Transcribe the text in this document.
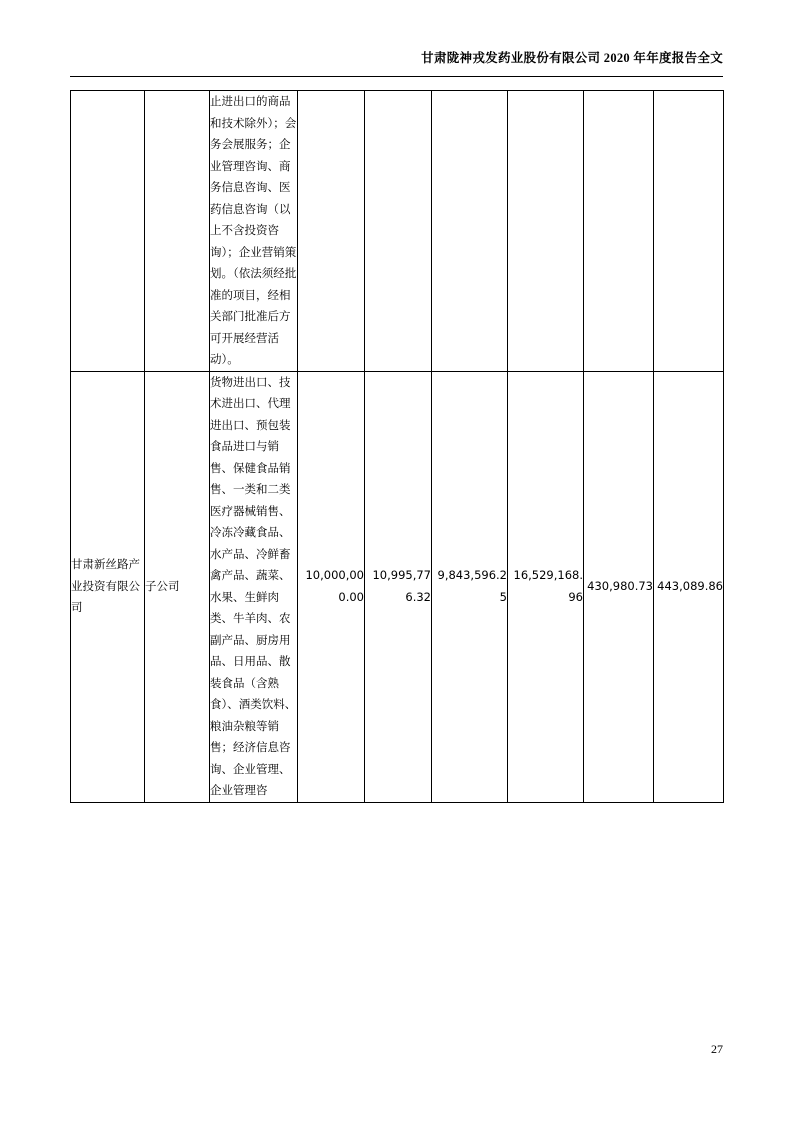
甘肃陇神戎发药业股份有限公司 2020 年年度报告全文
		止进出口的商品和技术除外）；会务会展服务；企业管理咨询、商务信息咨询、医药信息咨询（以上不含投资咨询）；企业营销策划。（依法须经批准的项目，经相关部门批准后方可开展经营活动）。						
甘肃新丝路产业投资有限公司	子公司	货物进出口、技术进出口、代理进出口、预包装食品进口与销售、保健食品销售、一类和二类医疗器械销售、冷冻冷藏食品、水产品、冷鲜畜禽产品、蔬菜、水果、生鲜肉类、牛羊肉、农副产品、厨房用品、日用品、散装食品（含熟食）、酒类饮料、粮油杂粮等销售；经济信息咨询、企业管理、企业管理咨	10,000,000.00	10,995,776.32	9,843,596.25	16,529,168.96	430,980.73	443,089.86
27
